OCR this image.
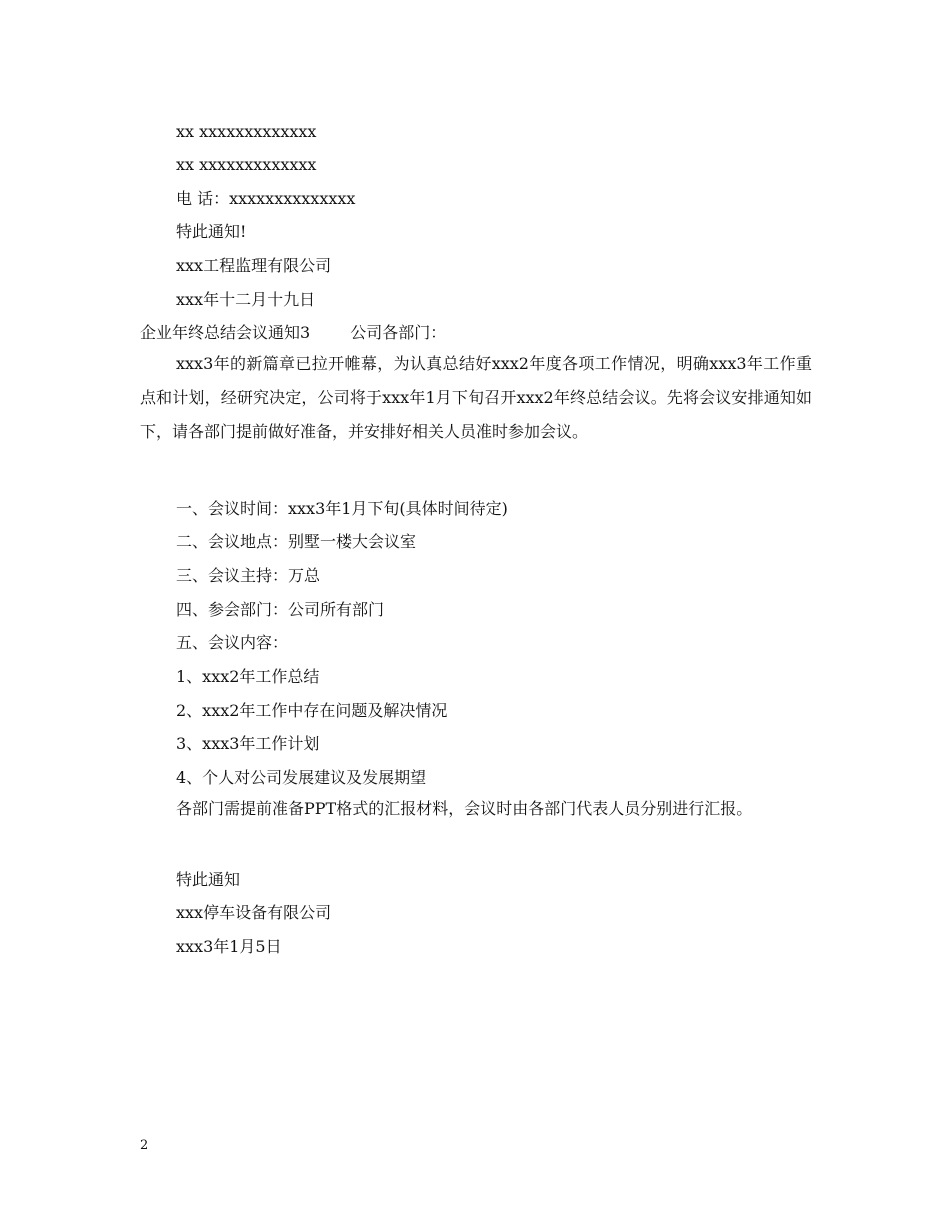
xx xxxxxxxxxxxxx
xx xxxxxxxxxxxxx
电 话：xxxxxxxxxxxxxx
特此通知!
xxx工程监理有限公司
xxx年十二月十九日
企业年终总结会议通知3	公司各部门：
xxx3年的新篇章已拉开帷幕，为认真总结好xxx2年度各项工作情况，明确xxx3年工作重点和计划，经研究决定，公司将于xxx年1月下旬召开xxx2年终总结会议。先将会议安排通知如下，请各部门提前做好准备，并安排好相关人员准时参加会议。
一、会议时间：xxx3年1月下旬(具体时间待定)
二、会议地点：别墅一楼大会议室
三、会议主持：万总
四、参会部门：公司所有部门
五、会议内容：
1、xxx2年工作总结
2、xxx2年工作中存在问题及解决情况
3、xxx3年工作计划
4、个人对公司发展建议及发展期望
各部门需提前准备PPT格式的汇报材料，会议时由各部门代表人员分别进行汇报。
特此通知
xxx停车设备有限公司
xxx3年1月5日
2
